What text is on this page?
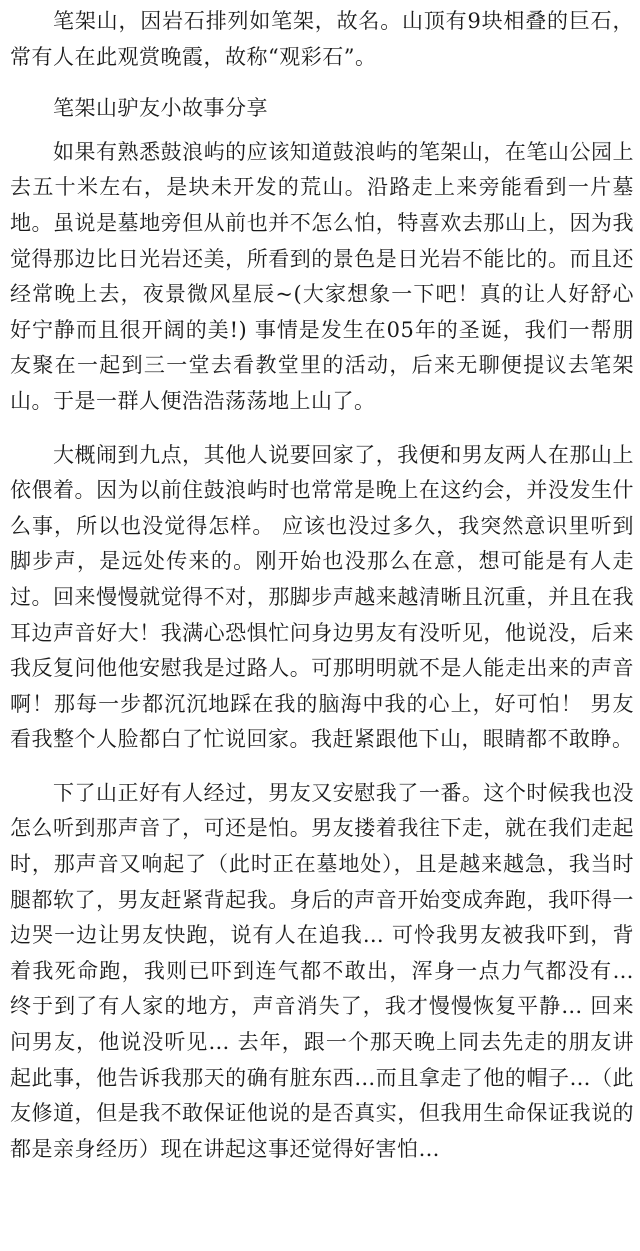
笔架山，因岩石排列如笔架，故名。山顶有9块相叠的巨石，常有人在此观赏晚霞，故称“观彩石”。

笔架山驴友小故事分享

如果有熟悉鼓浪屿的应该知道鼓浪屿的笔架山，在笔山公园上去五十米左右，是块未开发的荒山。沿路走上来旁能看到一片墓地。虽说是墓地旁但从前也并不怎么怕，特喜欢去那山上，因为我觉得那边比日光岩还美，所看到的景色是日光岩不能比的。而且还经常晚上去，夜景微风星辰~(大家想象一下吧！真的让人好舒心好宁静而且很开阔的美!) 事情是发生在05年的圣诞，我们一帮朋友聚在一起到三一堂去看教堂里的活动，后来无聊便提议去笔架山。于是一群人便浩浩荡荡地上山了。

大概闹到九点，其他人说要回家了，我便和男友两人在那山上依偎着。因为以前住鼓浪屿时也常常是晚上在这约会，并没发生什么事，所以也没觉得怎样。 应该也没过多久，我突然意识里听到脚步声，是远处传来的。刚开始也没那么在意，想可能是有人走过。回来慢慢就觉得不对，那脚步声越来越清晰且沉重，并且在我耳边声音好大！我满心恐惧忙问身边男友有没听见，他说没，后来我反复问他他安慰我是过路人。可那明明就不是人能走出来的声音啊！那每一步都沉沉地踩在我的脑海中我的心上，好可怕！ 男友看我整个人脸都白了忙说回家。我赶紧跟他下山，眼睛都不敢睁。

下了山正好有人经过，男友又安慰我了一番。这个时候我也没怎么听到那声音了，可还是怕。男友搂着我往下走，就在我们走起时，那声音又响起了（此时正在墓地处），且是越来越急，我当时腿都软了，男友赶紧背起我。身后的声音开始变成奔跑，我吓得一边哭一边让男友快跑，说有人在追我… 可怜我男友被我吓到，背着我死命跑，我则已吓到连气都不敢出，浑身一点力气都没有… 终于到了有人家的地方，声音消失了，我才慢慢恢复平静… 回来问男友，他说没听见… 去年，跟一个那天晚上同去先走的朋友讲起此事，他告诉我那天的确有脏东西…而且拿走了他的帽子…（此友修道，但是我不敢保证他说的是否真实，但我用生命保证我说的都是亲身经历）现在讲起这事还觉得好害怕…
